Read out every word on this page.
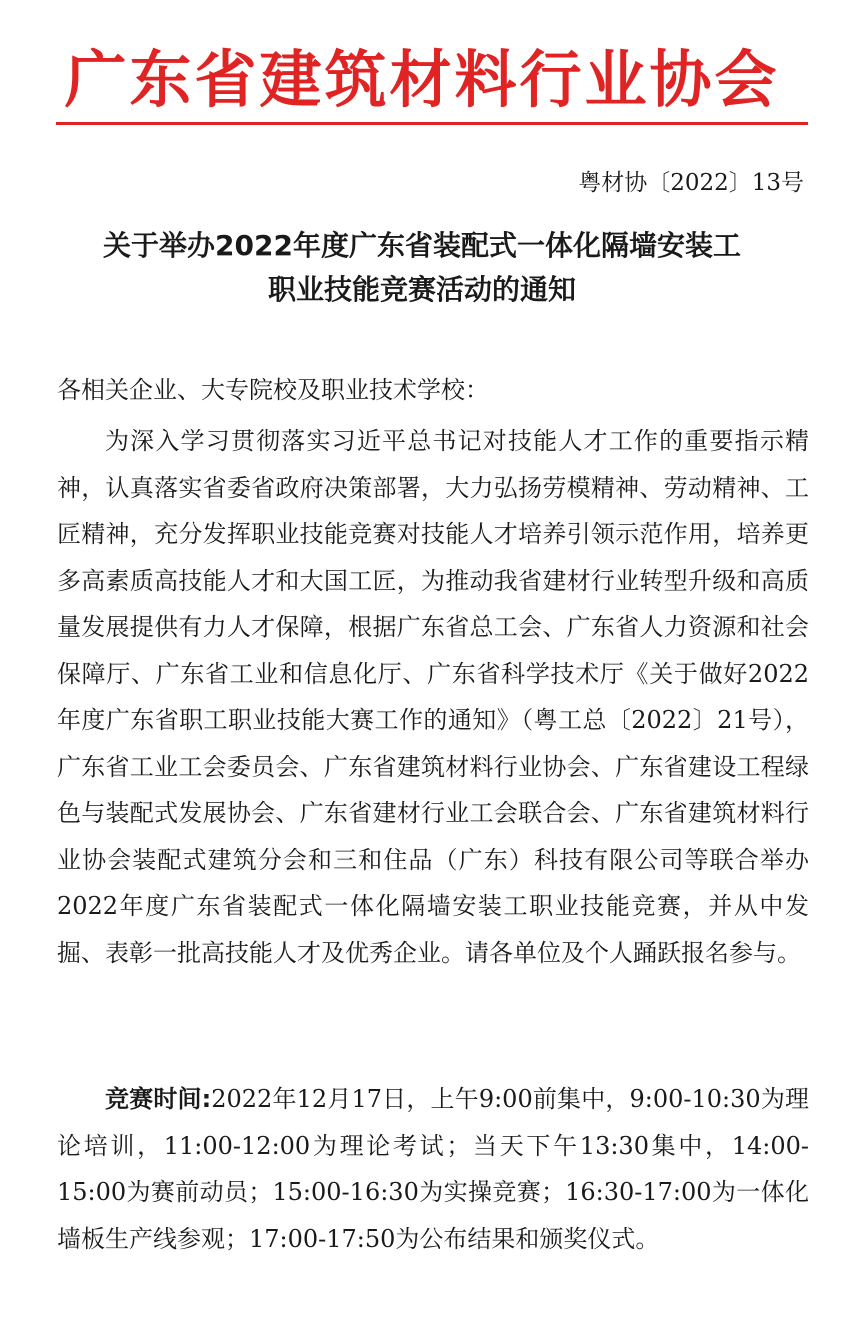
广东省建筑材料行业协会
粤材协〔2022〕13号
关于举办2022年度广东省装配式一体化隔墙安装工
职业技能竞赛活动的通知
各相关企业、大专院校及职业技术学校：

为深入学习贯彻落实习近平总书记对技能人才工作的重要指示精神，认真落实省委省政府决策部署，大力弘扬劳模精神、劳动精神、工匠精神，充分发挥职业技能竞赛对技能人才培养引领示范作用，培养更多高素质高技能人才和大国工匠，为推动我省建材行业转型升级和高质量发展提供有力人才保障，根据广东省总工会、广东省人力资源和社会保障厅、广东省工业和信息化厅、广东省科学技术厅《关于做好2022年度广东省职工职业技能大赛工作的通知》（粤工总〔2022〕21号），广东省工业工会委员会、广东省建筑材料行业协会、广东省建设工程绿色与装配式发展协会、广东省建材行业工会联合会、广东省建筑材料行业协会装配式建筑分会和三和住品（广东）科技有限公司等联合举办2022年度广东省装配式一体化隔墙安装工职业技能竞赛，并从中发掘、表彰一批高技能人才及优秀企业。请各单位及个人踊跃报名参与。

竞赛时间:2022年12月17日，上午9:00前集中，9:00-10:30为理论培训，11:00-12:00为理论考试；当天下午13:30集中，14:00-15:00为赛前动员；15:00-16:30为实操竞赛；16:30-17:00为一体化墙板生产线参观；17:00-17:50为公布结果和颁奖仪式。
